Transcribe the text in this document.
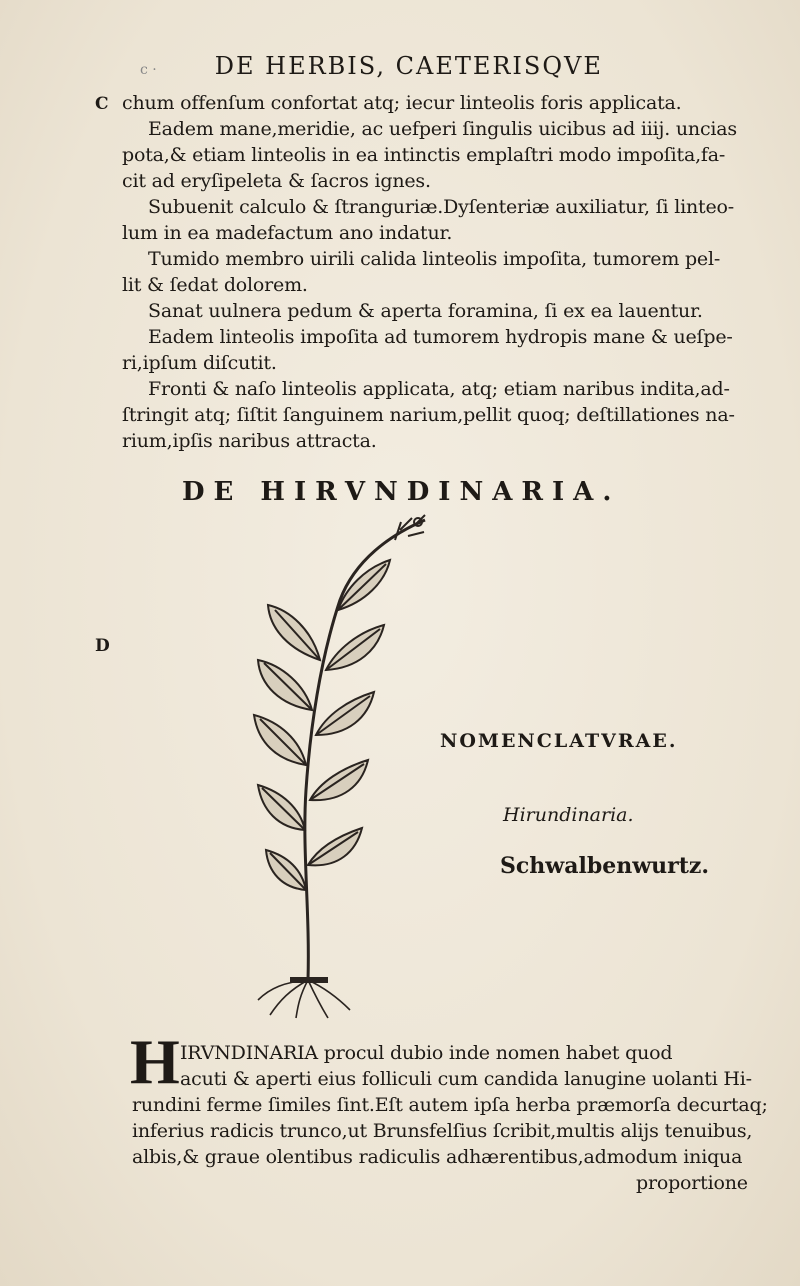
c · DE HERBIS, CAETERISQVE
C
D
chum offenſum confortat atq; iecur linteolis foris applicata.
Eadem mane,meridie, ac uefperi ſingulis uicibus ad iiij. uncias
pota,& etiam linteolis in ea intinctis emplaſtri modo impoſita,fa-
cit ad eryſipeleta & ſacros ignes.
Subuenit calculo & ſtranguriæ.Dyſenteriæ auxiliatur, ſi linteo-
lum in ea madefactum ano indatur.
Tumido membro uirili calida linteolis impoſita, tumorem pel-
lit & ſedat dolorem.
Sanat uulnera pedum & aperta foramina, ſi ex ea lauentur.
Eadem linteolis impoſita ad tumorem hydropis mane & ueſpe-
ri,ipſum diſcutit.
Fronti & naſo linteolis applicata, atq; etiam naribus indita,ad-
ſtringit atq; ſiſtit ſanguinem narium,pellit quoq; deſtillationes na-
rium,ipſis naribus attracta.
DE HIRVNDINARIA.
NOMENCLATVRAE.
Hirundinaria.
Schwalbenwurtz.
H IRVNDINARIA procul dubio inde nomen habet quod
acuti & aperti eius folliculi cum candida lanugine uolanti Hi-
rundini ferme ſimiles ſint.Eſt autem ipſa herba præmorſa decurtaq;
inferius radicis trunco,ut Brunsfelſius ſcribit,multis alijs tenuibus,
albis,& graue olentibus radiculis adhærentibus,admodum iniqua
proportione
